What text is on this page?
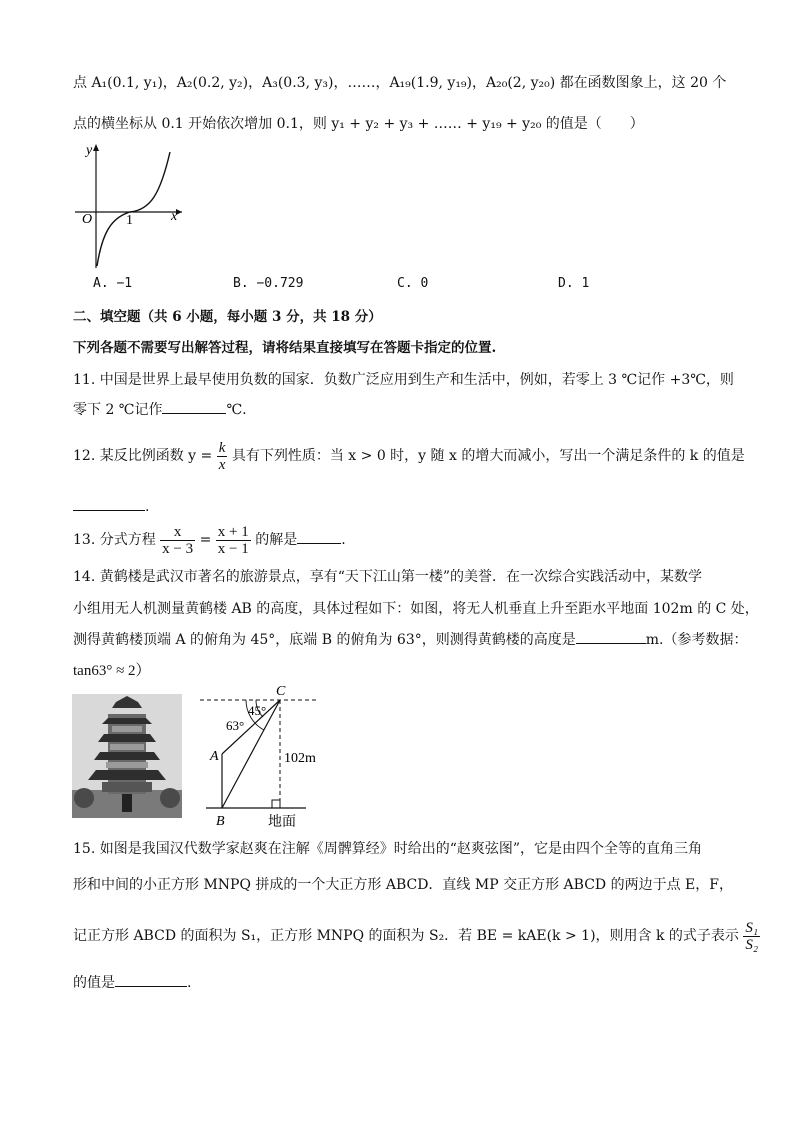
点 A₁(0.1, y₁)，A₂(0.2, y₂)，A₃(0.3, y₃)，……，A₁₉(1.9, y₁₉)，A₂₀(2, y₂₀) 都在函数图象上，这 20 个
点的横坐标从 0.1 开始依次增加 0.1，则 y₁ + y₂ + y₃ + …… + y₁₉ + y₂₀ 的值是（　　）
y
x
O 1
A. −1	B. −0.729	C. 0	D. 1
二、填空题（共 6 小题，每小题 3 分，共 18 分）
下列各题不需要写出解答过程，请将结果直接填写在答题卡指定的位置.
11. 中国是世界上最早使用负数的国家．负数广泛应用到生产和生活中，例如，若零上 3 ℃记作 +3℃，则
零下 2 ℃记作	℃.
12. 某反比例函数 $y = \frac{k}{x}$ 具有下列性质：当 x > 0 时，y 随 x 的增大而减小，写出一个满足条件的 k 的值是
.
13. 分式方程 $\frac{x}{x - 3} = \frac{x + 1}{x - 1}$ 的解是	.
14. 黄鹤楼是武汉市著名的旅游景点，享有“天下江山第一楼”的美誉．在一次综合实践活动中，某数学
小组用无人机测量黄鹤楼 AB 的高度，具体过程如下：如图，将无人机垂直上升至距水平地面 102m 的 C 处，
测得黄鹤楼顶端 A 的俯角为 45°，底端 B 的俯角为 63°，则测得黄鹤楼的高度是	m.（参考数据：
tan63° ≈ 2）
C
A
B
45°
63°
102m
地面
15. 如图是我国汉代数学家赵爽在注解《周髀算经》时给出的“赵爽弦图”，它是由四个全等的直角三角
形和中间的小正方形 MNPQ 拼成的一个大正方形 ABCD．直线 MP 交正方形 ABCD 的两边于点 E，F，
记正方形 ABCD 的面积为 S₁，正方形 MNPQ 的面积为 S₂．若 BE = kAE(k > 1)，则用含 k 的式子表示 $\frac{\text{S₁}}{\text{S₂}}$
的值是	.
